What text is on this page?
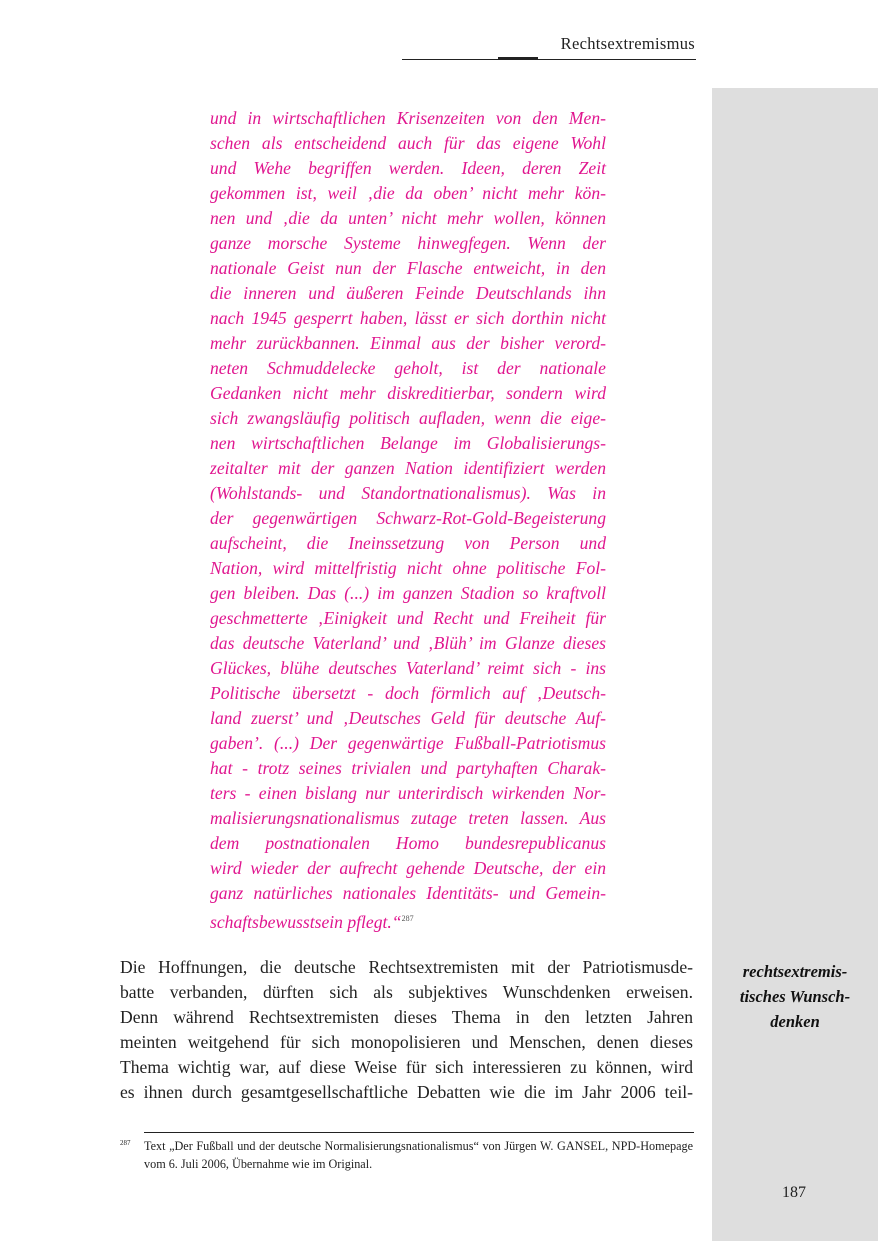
Rechtsextremismus

und in wirtschaftlichen Krisenzeiten von den Men-
schen als entscheidend auch für das eigene Wohl
und Wehe begriffen werden. Ideen, deren Zeit
gekommen ist, weil ‚die da oben’ nicht mehr kön-
nen und ‚die da unten’ nicht mehr wollen, können
ganze morsche Systeme hinwegfegen. Wenn der
nationale Geist nun der Flasche entweicht, in den
die inneren und äußeren Feinde Deutschlands ihn
nach 1945 gesperrt haben, lässt er sich dorthin nicht
mehr zurückbannen. Einmal aus der bisher verord-
neten Schmuddelecke geholt, ist der nationale
Gedanken nicht mehr diskreditierbar, sondern wird
sich zwangsläufig politisch aufladen, wenn die eige-
nen wirtschaftlichen Belange im Globalisierungs-
zeitalter mit der ganzen Nation identifiziert werden
(Wohlstands- und Standortnationalismus). Was in
der gegenwärtigen Schwarz-Rot-Gold-Begeisterung
aufscheint, die Ineinssetzung von Person und
Nation, wird mittelfristig nicht ohne politische Fol-
gen bleiben. Das (...) im ganzen Stadion so kraftvoll
geschmetterte ‚Einigkeit und Recht und Freiheit für
das deutsche Vaterland’ und ‚Blüh’ im Glanze dieses
Glückes, blühe deutsches Vaterland’ reimt sich - ins
Politische übersetzt - doch förmlich auf ‚Deutsch-
land zuerst’ und ‚Deutsches Geld für deutsche Auf-
gaben’. (...) Der gegenwärtige Fußball-Patriotismus
hat - trotz seines trivialen und partyhaften Charak-
ters - einen bislang nur unterirdisch wirkenden Nor-
malisierungsnationalismus zutage treten lassen. Aus
dem postnationalen Homo bundesrepublicanus
wird wieder der aufrecht gehende Deutsche, der ein
ganz natürliches nationales Identitäts- und Gemein-
schaftsbewusstsein pflegt.“$^{287}$

Die Hoffnungen, die deutsche Rechtsextremisten mit der Patriotismusde-
batte verbanden, dürften sich als subjektives Wunschdenken erweisen.
Denn während Rechtsextremisten dieses Thema in den letzten Jahren
meinten weitgehend für sich monopolisieren und Menschen, denen dieses
Thema wichtig war, auf diese Weise für sich interessieren zu können, wird
es ihnen durch gesamtgesellschaftliche Debatten wie die im Jahr 2006 teil-

rechtsextremis-
tisches Wunsch-
denken

287 Text „Der Fußball und der deutsche Normalisierungsnationalismus“ von Jürgen W. GANSEL, NPD-Homepage vom 6. Juli 2006, Übernahme wie im Original.
187
